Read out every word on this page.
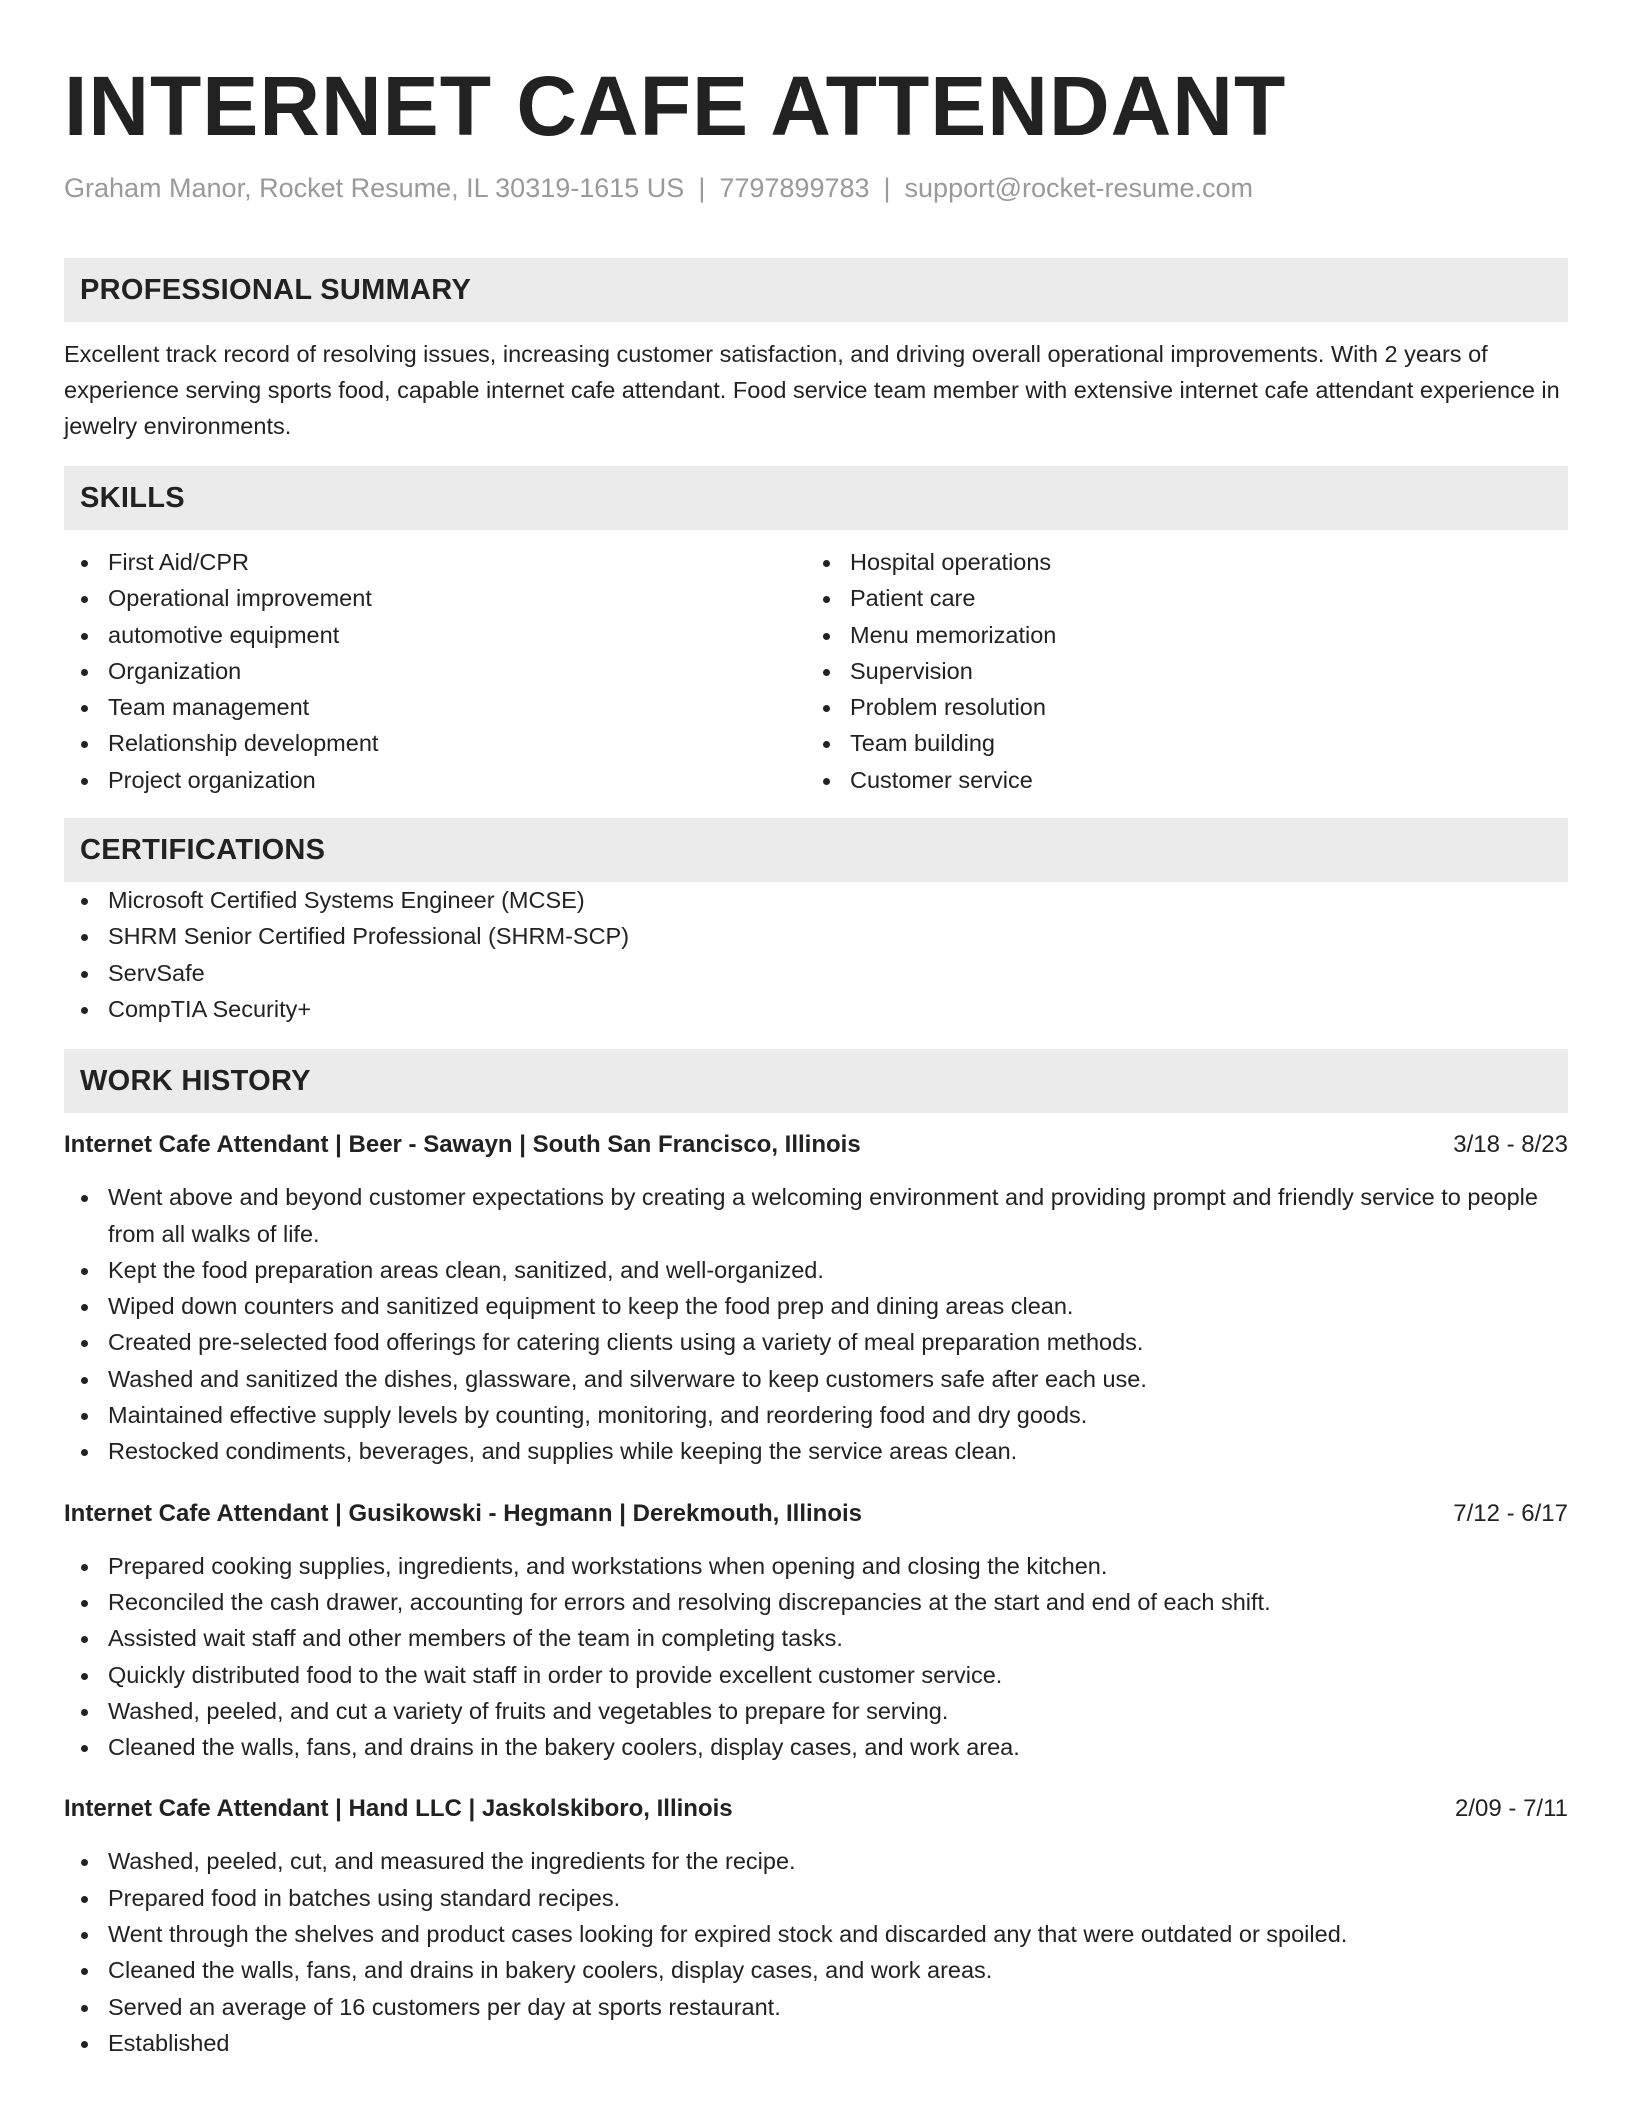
INTERNET CAFE ATTENDANT
Graham Manor, Rocket Resume, IL 30319-1615 US | 7797899783 | support@rocket-resume.com
PROFESSIONAL SUMMARY
Excellent track record of resolving issues, increasing customer satisfaction, and driving overall operational improvements. With 2 years of experience serving sports food, capable internet cafe attendant. Food service team member with extensive internet cafe attendant experience in jewelry environments.
SKILLS
First Aid/CPR
Operational improvement
automotive equipment
Organization
Team management
Relationship development
Project organization
Hospital operations
Patient care
Menu memorization
Supervision
Problem resolution
Team building
Customer service
CERTIFICATIONS
Microsoft Certified Systems Engineer (MCSE)
SHRM Senior Certified Professional (SHRM-SCP)
ServSafe
CompTIA Security+
WORK HISTORY
Internet Cafe Attendant | Beer - Sawayn | South San Francisco, Illinois	3/18 - 8/23
Went above and beyond customer expectations by creating a welcoming environment and providing prompt and friendly service to people from all walks of life.
Kept the food preparation areas clean, sanitized, and well-organized.
Wiped down counters and sanitized equipment to keep the food prep and dining areas clean.
Created pre-selected food offerings for catering clients using a variety of meal preparation methods.
Washed and sanitized the dishes, glassware, and silverware to keep customers safe after each use.
Maintained effective supply levels by counting, monitoring, and reordering food and dry goods.
Restocked condiments, beverages, and supplies while keeping the service areas clean.
Internet Cafe Attendant | Gusikowski - Hegmann | Derekmouth, Illinois	7/12 - 6/17
Prepared cooking supplies, ingredients, and workstations when opening and closing the kitchen.
Reconciled the cash drawer, accounting for errors and resolving discrepancies at the start and end of each shift.
Assisted wait staff and other members of the team in completing tasks.
Quickly distributed food to the wait staff in order to provide excellent customer service.
Washed, peeled, and cut a variety of fruits and vegetables to prepare for serving.
Cleaned the walls, fans, and drains in the bakery coolers, display cases, and work area.
Internet Cafe Attendant | Hand LLC | Jaskolskiboro, Illinois	2/09 - 7/11
Washed, peeled, cut, and measured the ingredients for the recipe.
Prepared food in batches using standard recipes.
Went through the shelves and product cases looking for expired stock and discarded any that were outdated or spoiled.
Cleaned the walls, fans, and drains in bakery coolers, display cases, and work areas.
Served an average of 16 customers per day at sports restaurant.
Established
